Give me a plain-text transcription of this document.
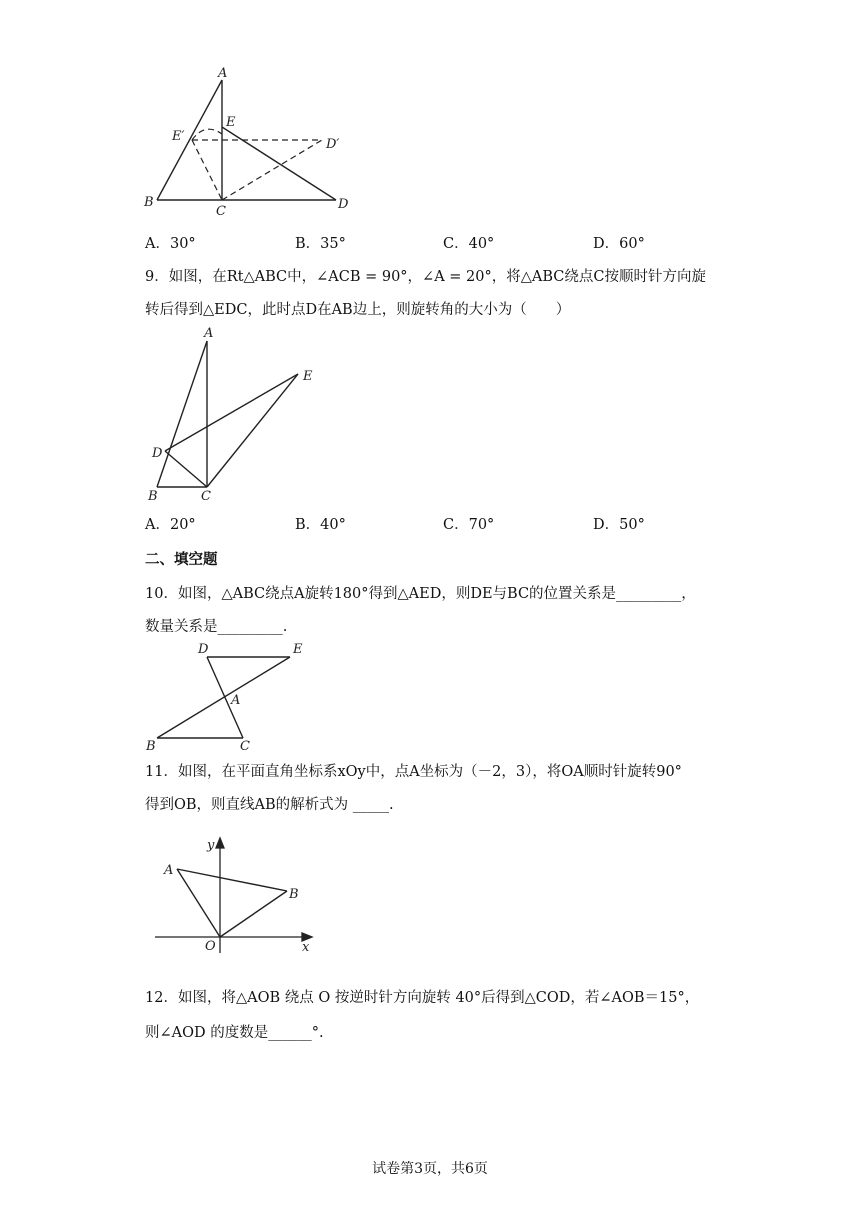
A
E
E′
D′
B
C	D
A．30°	B．35°	C．40°	D．60°
9．如图，在Rt△ABC中，∠ACB = 90°，∠A = 20°，将△ABC绕点C按顺时针方向旋
转后得到△EDC，此时点D在AB边上，则旋转角的大小为（　　）
A
E
D
B	C
A．20°	B．40°	C．70°	D．50°
二、填空题
10．如图，△ABC绕点A旋转180°得到△AED，则DE与BC的位置关系是_________，
数量关系是_________.
D	E
A
B	C
11．如图，在平面直角坐标系xOy中，点A坐标为（－2，3），将OA顺时针旋转90°
得到OB，则直线AB的解析式为 _____.
y
x
A
B
O
12．如图，将△AOB 绕点 O 按逆时针方向旋转 40°后得到△COD，若∠AOB＝15°，
则∠AOD 的度数是______°.
试卷第3页，共6页
